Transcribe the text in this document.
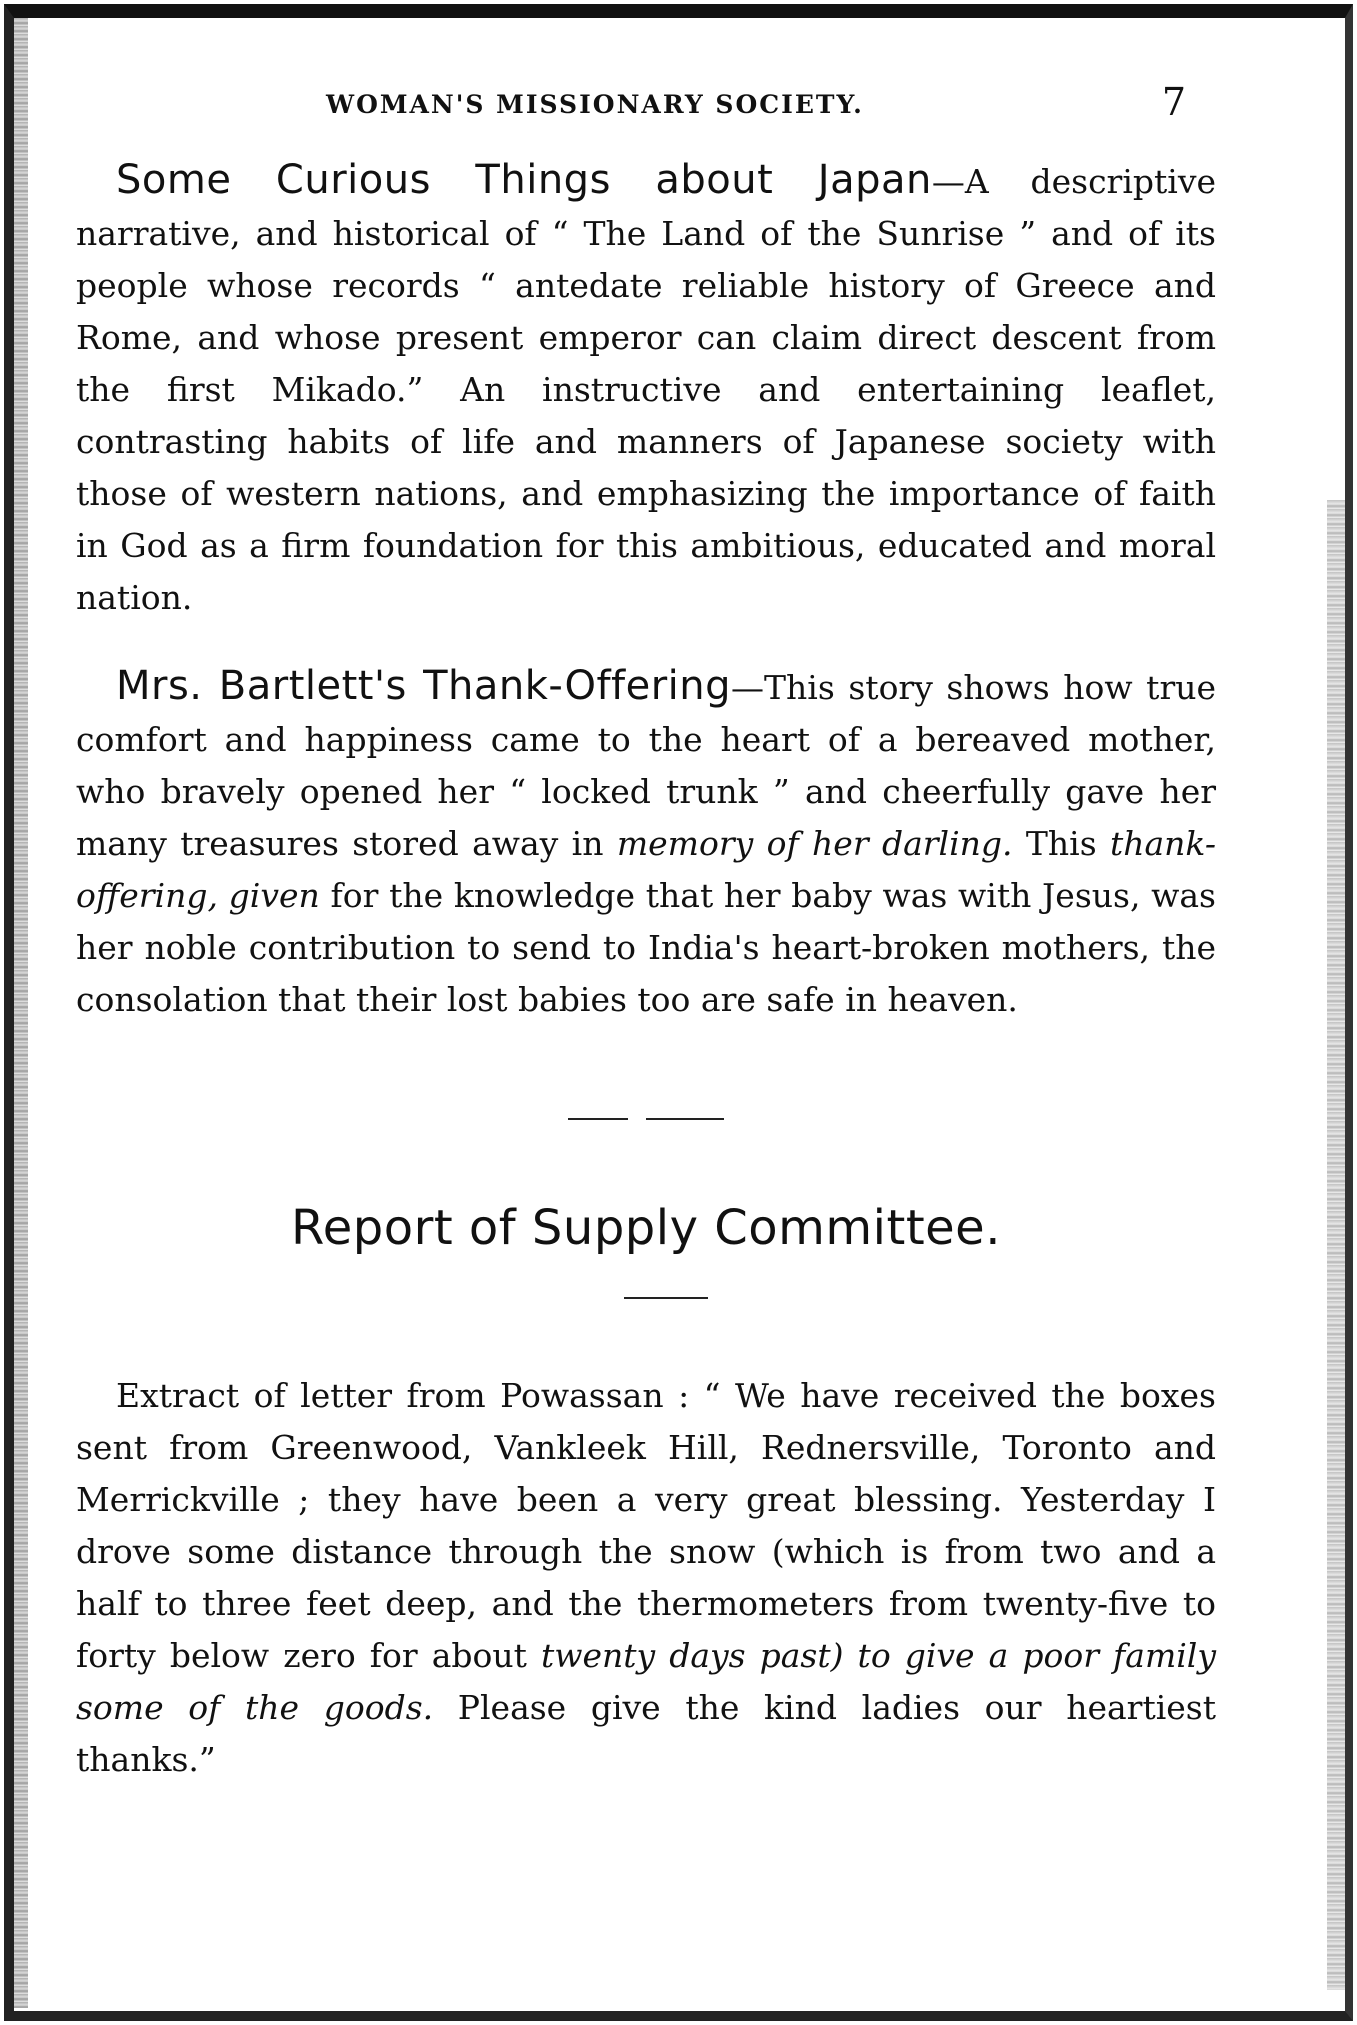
WOMAN'S MISSIONARY SOCIETY.	7

Some Curious Things about Japan—A descriptive narrative, and historical of “ The Land of the Sunrise ” and of its people whose records “ antedate reliable history of Greece and Rome, and whose present emperor can claim direct descent from the first Mikado.” An instructive and entertaining leaflet, contrasting habits of life and manners of Japanese society with those of western nations, and emphasizing the importance of faith in God as a firm foundation for this ambitious, educated and moral nation.

Mrs. Bartlett's Thank-Offering—This story shows how true comfort and happiness came to the heart of a bereaved mother, who bravely opened her “ locked trunk ” and cheerfully gave her many treasures stored away in memory of her darling. This thank-offering, given for the knowledge that her baby was with Jesus, was her noble contribution to send to India's heart-broken mothers, the consolation that their lost babies too are safe in heaven.

Report of Supply Committee.

Extract of letter from Powassan : “ We have received the boxes sent from Greenwood, Vankleek Hill, Rednersville, Toronto and Merrickville ; they have been a very great blessing. Yesterday I drove some distance through the snow (which is from two and a half to three feet deep, and the thermometers from twenty-five to forty below zero for about twenty days past) to give a poor family some of the goods. Please give the kind ladies our heartiest thanks.”
